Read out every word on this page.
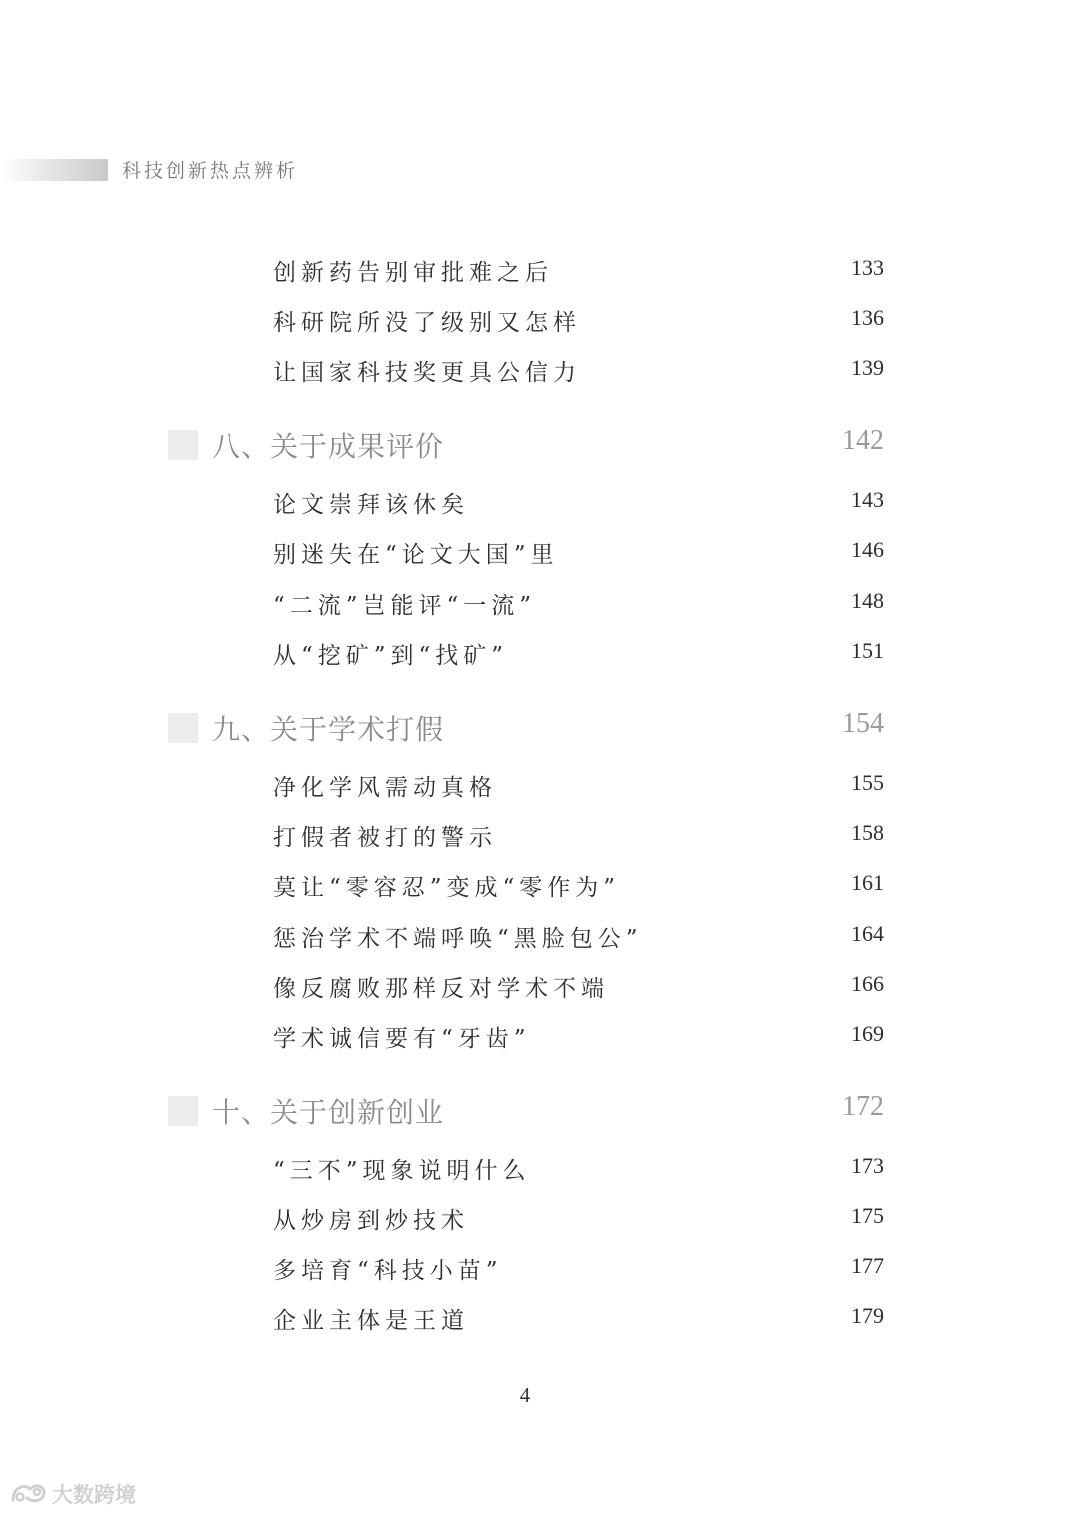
科技创新热点辨析
创新药告别审批难之后	133
科研院所没了级别又怎样	136
让国家科技奖更具公信力	139
八、关于成果评价	142
论文崇拜该休矣	143
别迷失在“论文大国”里	146
“二流”岂能评“一流”	148
从“挖矿”到“找矿”	151
九、关于学术打假	154
净化学风需动真格	155
打假者被打的警示	158
莫让“零容忍”变成“零作为”	161
惩治学术不端呼唤“黑脸包公”	164
像反腐败那样反对学术不端	166
学术诚信要有“牙齿”	169
十、关于创新创业	172
“三不”现象说明什么	173
从炒房到炒技术	175
多培育“科技小苗”	177
企业主体是王道	179
4
大数跨境
